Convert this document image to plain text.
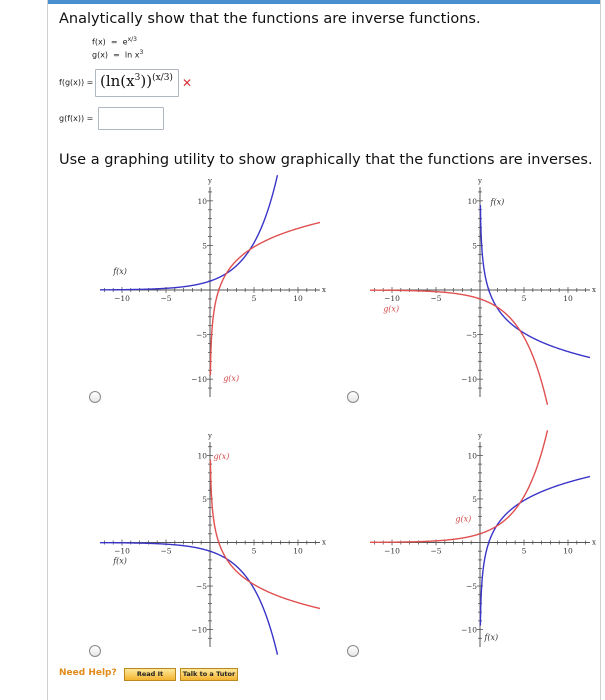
Analytically show that the functions are inverse functions.
$f(x) = e^{x/3}$
$g(x) = \ln x^3$
$f(g(x)) = (\ln(x^3))^{(x/3)}$ ✕
g(f(x)) =
Use a graphing utility to show graphically that the functions are inverses.
−10	−5	5	10
10
5
−5
−10
x
y
f(x)
g(x)
−10	−5	5	10
10
5
−5
−10
x
y
f(x)
g(x)
−10	−5	5	10
10
5
−5
−10
x
y
f(x)
g(x)
−10	−5	5	10
10
5
−5
−10
x
y
f(x)
g(x)
Need Help?	Read It	Talk to a Tutor
